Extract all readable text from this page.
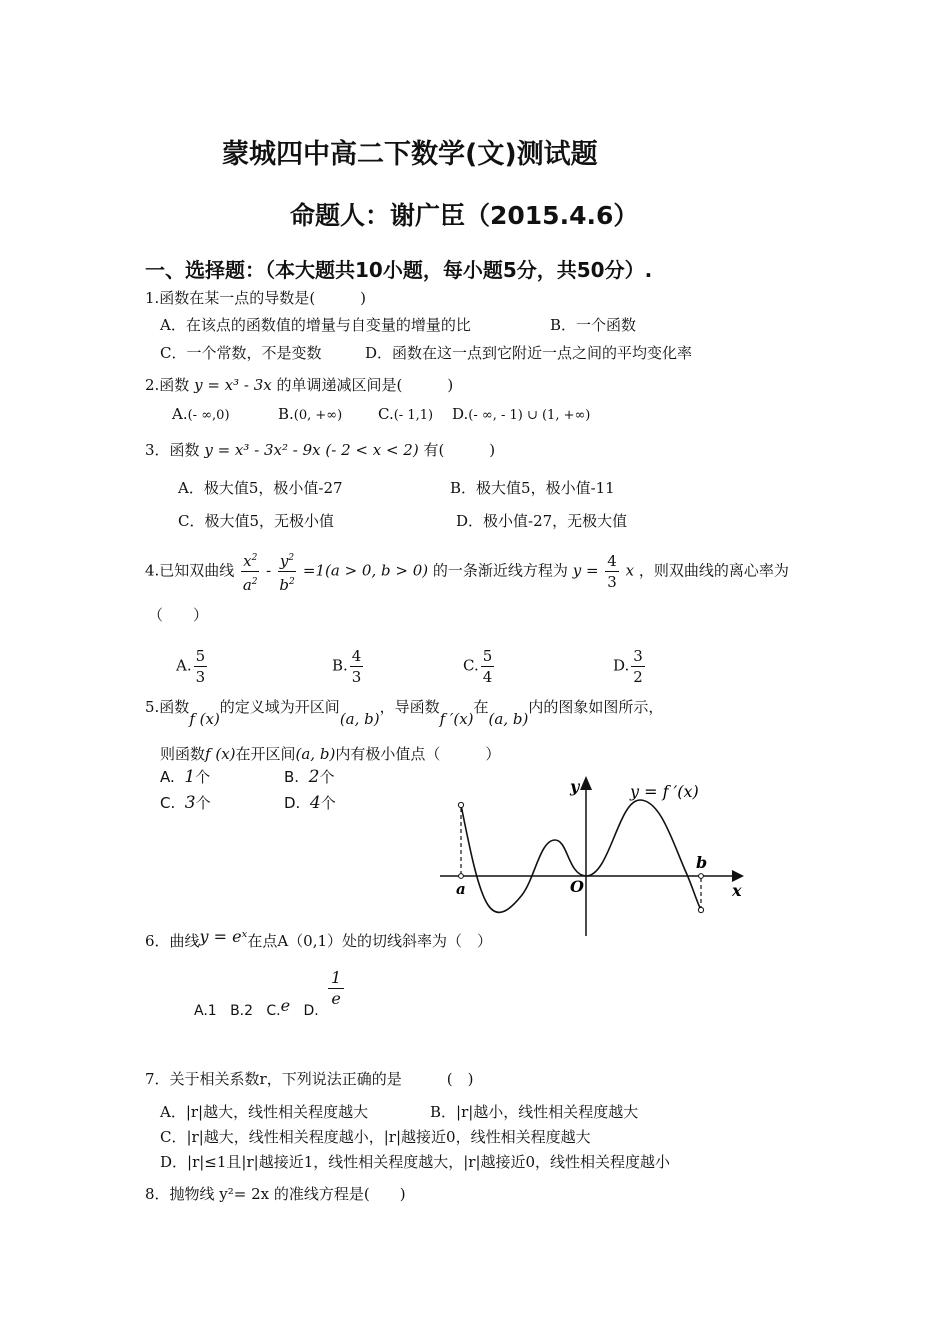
蒙城四中高二下数学(文)测试题
命题人：谢广臣（2015.4.6）
一、选择题：（本大题共10小题，每小题5分，共50分）.
1.函数在某一点的导数是(　　　)
A．在该点的函数值的增量与自变量的增量的比	B．一个函数
C．一个常数，不是变数	D．函数在这一点到它附近一点之间的平均变化率
2.函数 y = x³ - 3x 的单调递减区间是(　　　)
A.(- ∞,0)	B.(0, +∞) C.(- 1,1) D.(- ∞, - 1) ∪ (1, +∞)
3．函数 y = x³ - 3x² - 9x (- 2 < x < 2) 有(　　　)
A．极大值5，极小值-27	B．极大值5，极小值-11
C．极大值5，无极小值	D．极小值-27，无极大值
4.已知双曲线 $\frac{x^2}{a^2} - \frac{y^2}{b^2} =1(a > 0$, b > 0) 的一条渐近线方程为 $y = \frac{4}{3}$ x ，则双曲线的离心率为
（　　）
A. $\frac{5}{3}$	B. $\frac{4}{3}$	C. $\frac{5}{4}$	D. $\frac{3}{2}$
5.函数f (x)的定义域为开区间(a, b)，导函数f ′(x)在(a, b)内的图象如图所示，
则函数f (x)在开区间(a, b)内有极小值点（　　　）
A. 1个	B. 2个
C. 3个	D. 4个
y
x
y = f ′(x)
a
b
O
6．曲线y = eˣ在点A（0,1）处的切线斜率为（　）
A.1 B.2 C.e D.
$\frac{1}{e}$
7．关于相关系数r，下列说法正确的是　　　(　)
A．|r|越大，线性相关程度越大	B．|r|越小，线性相关程度越大
C．|r|越大，线性相关程度越小，|r|越接近0，线性相关程度越大
D．|r|≤1且|r|越接近1，线性相关程度越大，|r|越接近0，线性相关程度越小
8．抛物线 y²= 2x 的准线方程是(　　)
